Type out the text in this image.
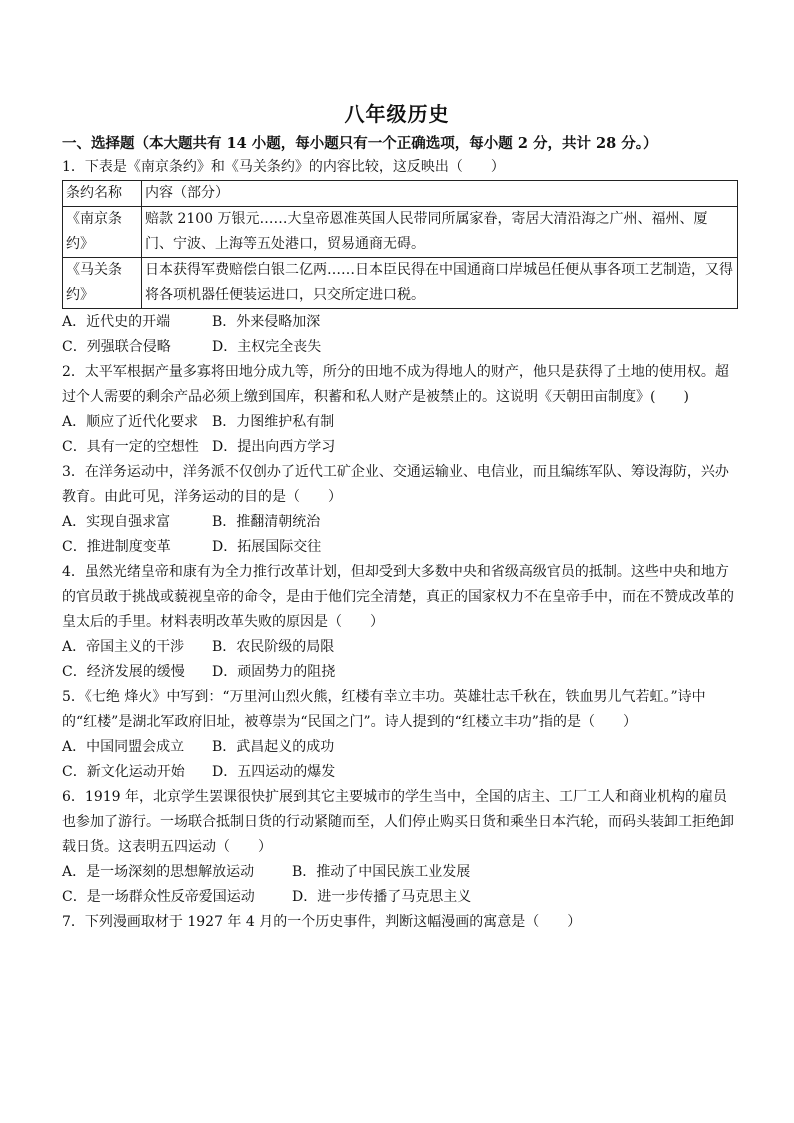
八年级历史
一、选择题（本大题共有 14 小题，每小题只有一个正确选项，每小题 2 分，共计 28 分。）

1．下表是《南京条约》和《马关条约》的内容比较，这反映出（　　）

条约名称	内容（部分）
《南京条约》	赔款 2100 万银元……大皇帝恩准英国人民带同所属家眷，寄居大清沿海之广州、福州、厦门、宁波、上海等五处港口，贸易通商无碍。
《马关条约》	日本获得军费赔偿白银二亿两……日本臣民得在中国通商口岸城邑任便从事各项工艺制造，又得将各项机器任便装运进口，只交所定进口税。
A．近代史的开端	B．外来侵略加深
C．列强联合侵略	D．主权完全丧失

2．太平军根据产量多寡将田地分成九等，所分的田地不成为得地人的财产，他只是获得了土地的使用权。超过个人需要的剩余产品必须上缴到国库，积蓄和私人财产是被禁止的。这说明《天朝田亩制度》(　　)

A．顺应了近代化要求 B．力图维护私有制
C．具有一定的空想性 D．提出向西方学习

3．在洋务运动中，洋务派不仅创办了近代工矿企业、交通运输业、电信业，而且编练军队、筹设海防，兴办教育。由此可见，洋务运动的目的是（　　）

A．实现自强求富	B．推翻清朝统治
C．推进制度变革	D．拓展国际交往

4．虽然光绪皇帝和康有为全力推行改革计划，但却受到大多数中央和省级高级官员的抵制。这些中央和地方的官员敢于挑战或藐视皇帝的命令，是由于他们完全清楚，真正的国家权力不在皇帝手中，而在不赞成改革的皇太后的手里。材料表明改革失败的原因是（　　）

A．帝国主义的干涉	B．农民阶级的局限
C．经济发展的缓慢	D．顽固势力的阻挠

5．《七绝 烽火》中写到：“万里河山烈火熊，红楼有幸立丰功。英雄壮志千秋在，铁血男儿气若虹。”诗中的“红楼”是湖北军政府旧址，被尊崇为“民国之门”。诗人提到的“红楼立丰功”指的是（　　）

A．中国同盟会成立	B．武昌起义的成功
C．新文化运动开始	D．五四运动的爆发

6．1919 年，北京学生罢课很快扩展到其它主要城市的学生当中，全国的店主、工厂工人和商业机构的雇员也参加了游行。一场联合抵制日货的行动紧随而至，人们停止购买日货和乘坐日本汽轮，而码头装卸工拒绝卸载日货。这表明五四运动（　　）

A．是一场深刻的思想解放运动	B．推动了中国民族工业发展
C．是一场群众性反帝爱国运动	D．进一步传播了马克思主义

7．下列漫画取材于 1927 年 4 月的一个历史事件，判断这幅漫画的寓意是（　　）
